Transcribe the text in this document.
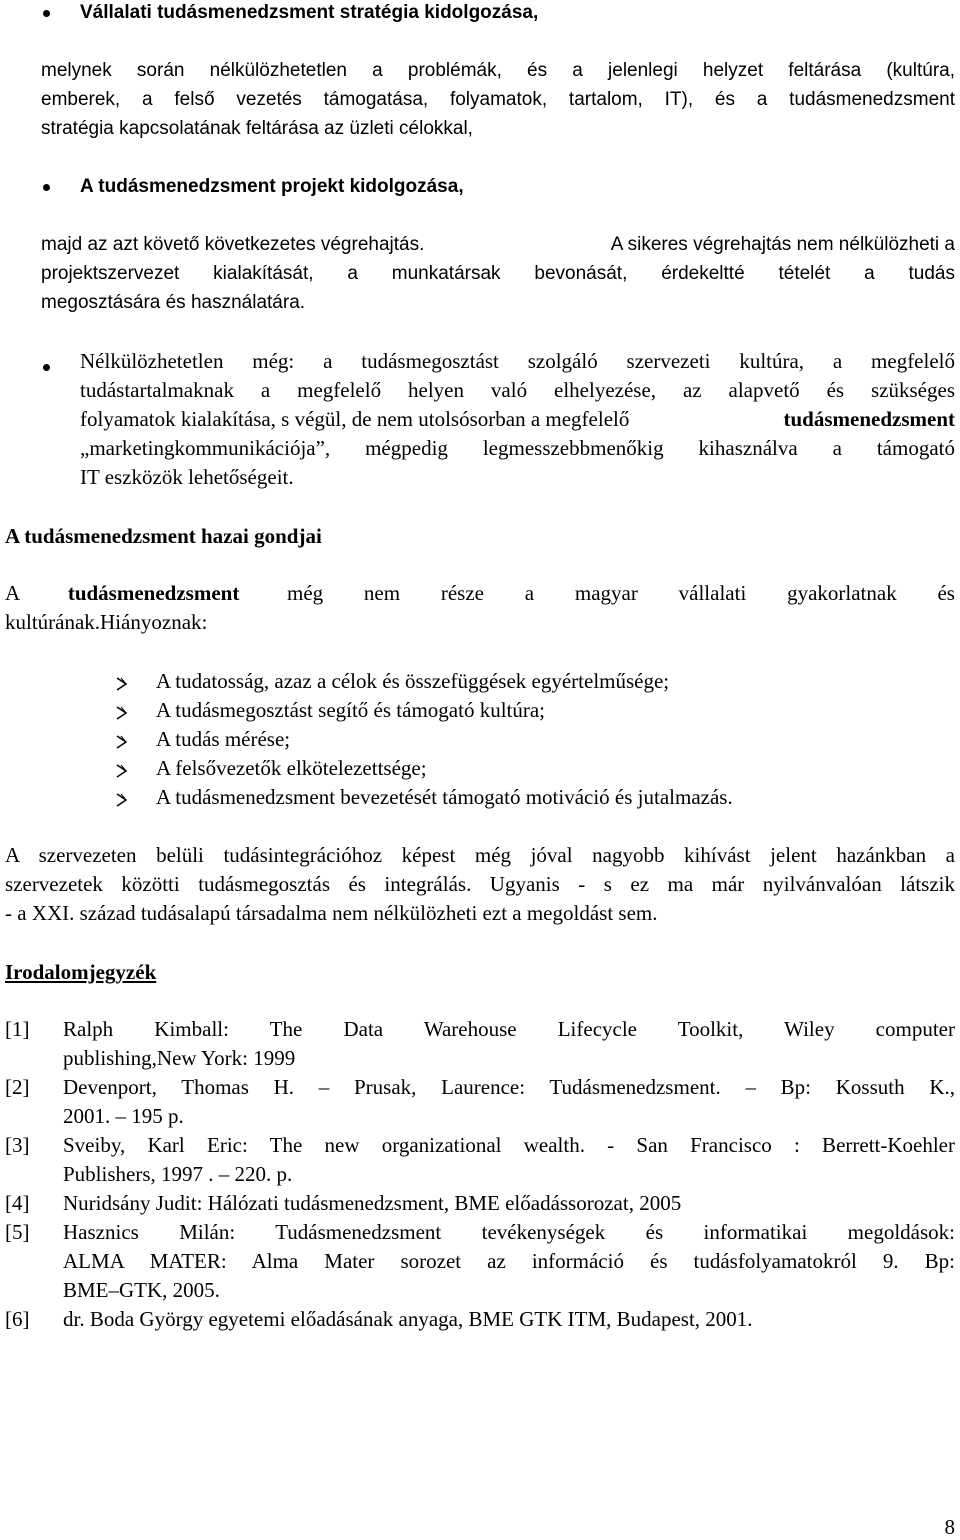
Vállalati tudásmenedzsment stratégia kidolgozása,
melynek során nélkülözhetetlen a problémák, és a jelenlegi helyzet feltárása (kultúra,
emberek, a felső vezetés támogatása, folyamatok, tartalom, IT), és a tudásmenedzsment
stratégia kapcsolatának feltárása az üzleti célokkal,
A tudásmenedzsment projekt kidolgozása,
majd az azt követő következetes végrehajtás.	A sikeres végrehajtás nem nélkülözheti a
projektszervezet kialakítását, a munkatársak bevonását, érdekeltté tételét a tudás
megosztására és használatára.
Nélkülözhetetlen még: a tudásmegosztást szolgáló szervezeti kultúra, a megfelelő
tudástartalmaknak a megfelelő helyen való elhelyezése, az alapvető és szükséges
folyamatok kialakítása, s végül, de nem utolsósorban a megfelelő	tudásmenedzsment
„marketingkommunikációja”, mégpedig legmesszebbmenőkig kihasználva a támogató
IT eszközök lehetőségeit.
A tudásmenedzsment hazai gondjai
A tudásmenedzsment még nem része a magyar vállalati gyakorlatnak és
kultúrának.Hiányoznak:
A tudatosság, azaz a célok és összefüggések egyértelműsége;
A tudásmegosztást segítő és támogató kultúra;
A tudás mérése;
A felsővezetők elkötelezettsége;
A tudásmenedzsment bevezetését támogató motiváció és jutalmazás.
A szervezeten belüli tudásintegrációhoz képest még jóval nagyobb kihívást jelent hazánkban a
szervezetek közötti tudásmegosztás és integrálás. Ugyanis - s ez ma már nyilvánvalóan látszik
- a XXI. század tudásalapú társadalma nem nélkülözheti ezt a megoldást sem.
Irodalomjegyzék
[1] Ralph Kimball: The Data Warehouse Lifecycle Toolkit, Wiley computer
publishing,New York: 1999
[2] Devenport, Thomas H. – Prusak, Laurence: Tudásmenedzsment. – Bp: Kossuth K.,
2001. – 195 p.
[3] Sveiby, Karl Eric: The new organizational wealth. - San Francisco : Berrett-Koehler
Publishers, 1997 . – 220. p.
[4] Nuridsány Judit: Hálózati tudásmenedzsment, BME előadássorozat, 2005
[5] Hasznics Milán: Tudásmenedzsment tevékenységek és informatikai megoldások:
ALMA MATER: Alma Mater sorozet az információ és tudásfolyamatokról 9. Bp:
BME–GTK, 2005.
[6] dr. Boda György egyetemi előadásának anyaga, BME GTK ITM, Budapest, 2001.
8
